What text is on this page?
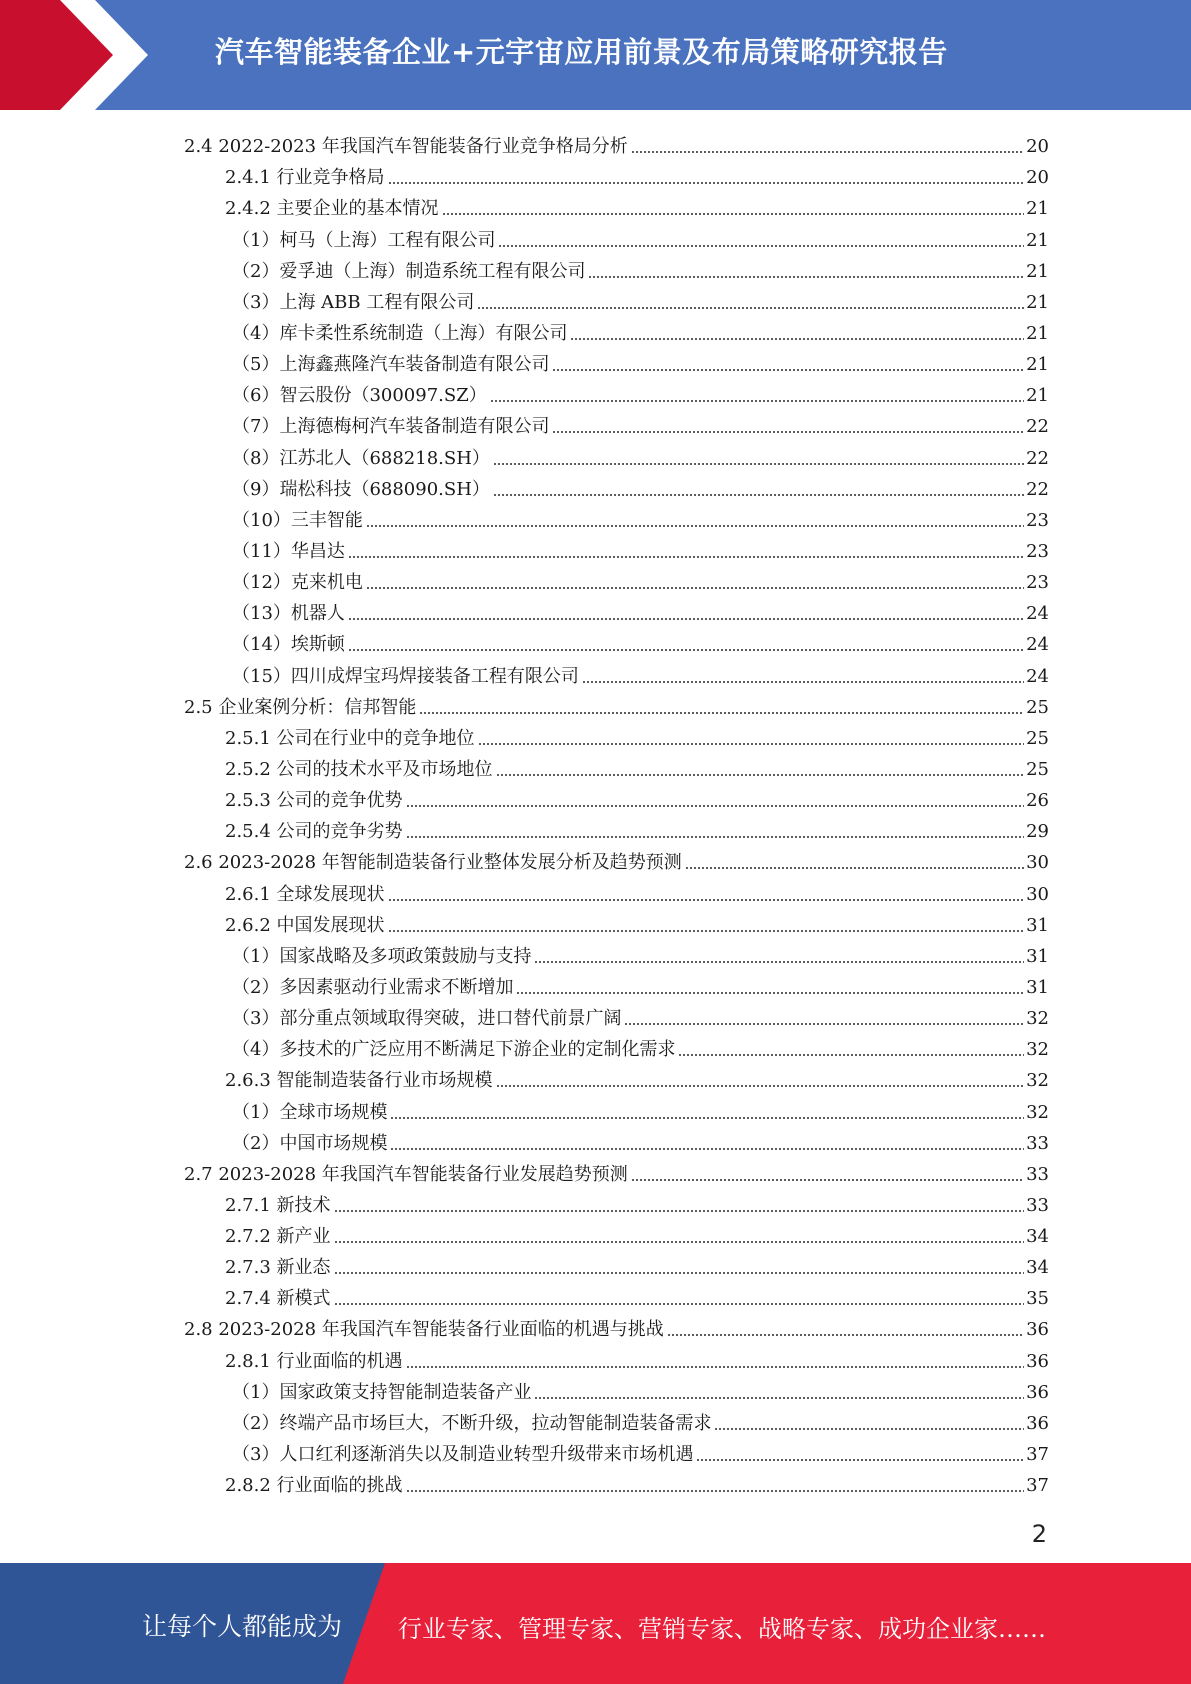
汽车智能装备企业+元宇宙应用前景及布局策略研究报告
2.4 2022-2023 年我国汽车智能装备行业竞争格局分析	20
2.4.1 行业竞争格局	20
2.4.2 主要企业的基本情况	21
（1）柯马（上海）工程有限公司	21
（2）爱孚迪（上海）制造系统工程有限公司	21
（3）上海 ABB 工程有限公司	21
（4）库卡柔性系统制造（上海）有限公司	21
（5）上海鑫燕隆汽车装备制造有限公司	21
（6）智云股份（300097.SZ）	21
（7）上海德梅柯汽车装备制造有限公司	22
（8）江苏北人（688218.SH）	22
（9）瑞松科技（688090.SH）	22
（10）三丰智能	23
（11）华昌达	23
（12）克来机电	23
（13）机器人	24
（14）埃斯顿	24
（15）四川成焊宝玛焊接装备工程有限公司	24
2.5 企业案例分析：信邦智能	25
2.5.1 公司在行业中的竞争地位	25
2.5.2 公司的技术水平及市场地位	25
2.5.3 公司的竞争优势	26
2.5.4 公司的竞争劣势	29
2.6 2023-2028 年智能制造装备行业整体发展分析及趋势预测	30
2.6.1 全球发展现状	30
2.6.2 中国发展现状	31
（1）国家战略及多项政策鼓励与支持	31
（2）多因素驱动行业需求不断增加	31
（3）部分重点领域取得突破，进口替代前景广阔	32
（4）多技术的广泛应用不断满足下游企业的定制化需求	32
2.6.3 智能制造装备行业市场规模	32
（1）全球市场规模	32
（2）中国市场规模	33
2.7 2023-2028 年我国汽车智能装备行业发展趋势预测	33
2.7.1 新技术	33
2.7.2 新产业	34
2.7.3 新业态	34
2.7.4 新模式	35
2.8 2023-2028 年我国汽车智能装备行业面临的机遇与挑战	36
2.8.1 行业面临的机遇	36
（1）国家政策支持智能制造装备产业	36
（2）终端产品市场巨大，不断升级，拉动智能制造装备需求	36
（3）人口红利逐渐消失以及制造业转型升级带来市场机遇	37
2.8.2 行业面临的挑战	37
2
让每个人都能成为 行业专家、管理专家、营销专家、战略专家、成功企业家……
